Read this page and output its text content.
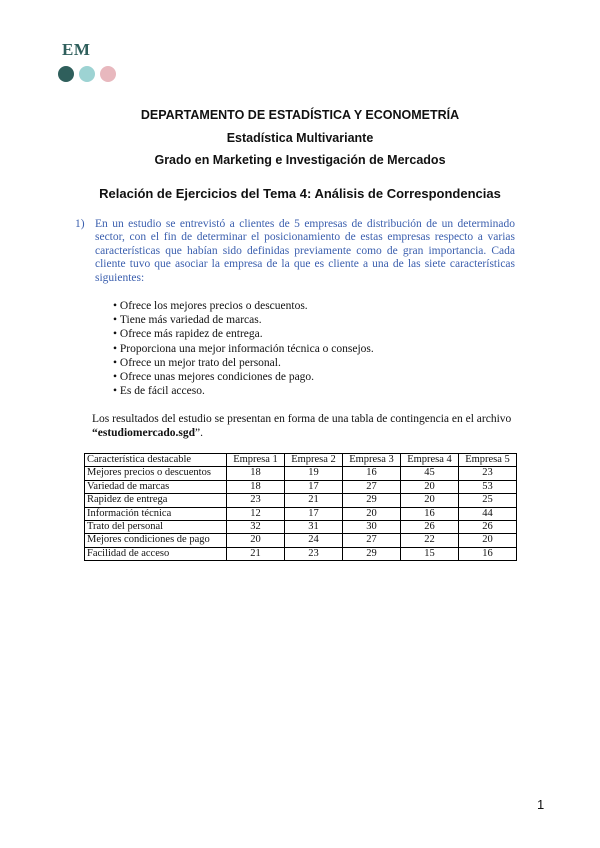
EM
DEPARTAMENTO DE ESTADÍSTICA Y ECONOMETRÍA
Estadística Multivariante
Grado en Marketing e Investigación de Mercados
Relación de Ejercicios del Tema 4: Análisis de Correspondencias
1) En un estudio se entrevistó a clientes de 5 empresas de distribución de un determinado sector, con el fin de determinar el posicionamiento de estas empresas respecto a varias características que habían sido definidas previamente como de gran importancia. Cada cliente tuvo que asociar la empresa de la que es cliente a una de las siete características siguientes:
• Ofrece los mejores precios o descuentos.
• Tiene más variedad de marcas.
• Ofrece más rapidez de entrega.
• Proporciona una mejor información técnica o consejos.
• Ofrece un mejor trato del personal.
• Ofrece unas mejores condiciones de pago.
• Es de fácil acceso.
Los resultados del estudio se presentan en forma de una tabla de contingencia en el archivo “estudiomercado.sgd”.
Característica destacable	Empresa 1	Empresa 2	Empresa 3	Empresa 4	Empresa 5
Mejores precios o descuentos	18	19	16	45	23
Variedad de marcas	18	17	27	20	53
Rapidez de entrega	23	21	29	20	25
Información técnica	12	17	20	16	44
Trato del personal	32	31	30	26	26
Mejores condiciones de pago	20	24	27	22	20
Facilidad de acceso	21	23	29	15	16
1
